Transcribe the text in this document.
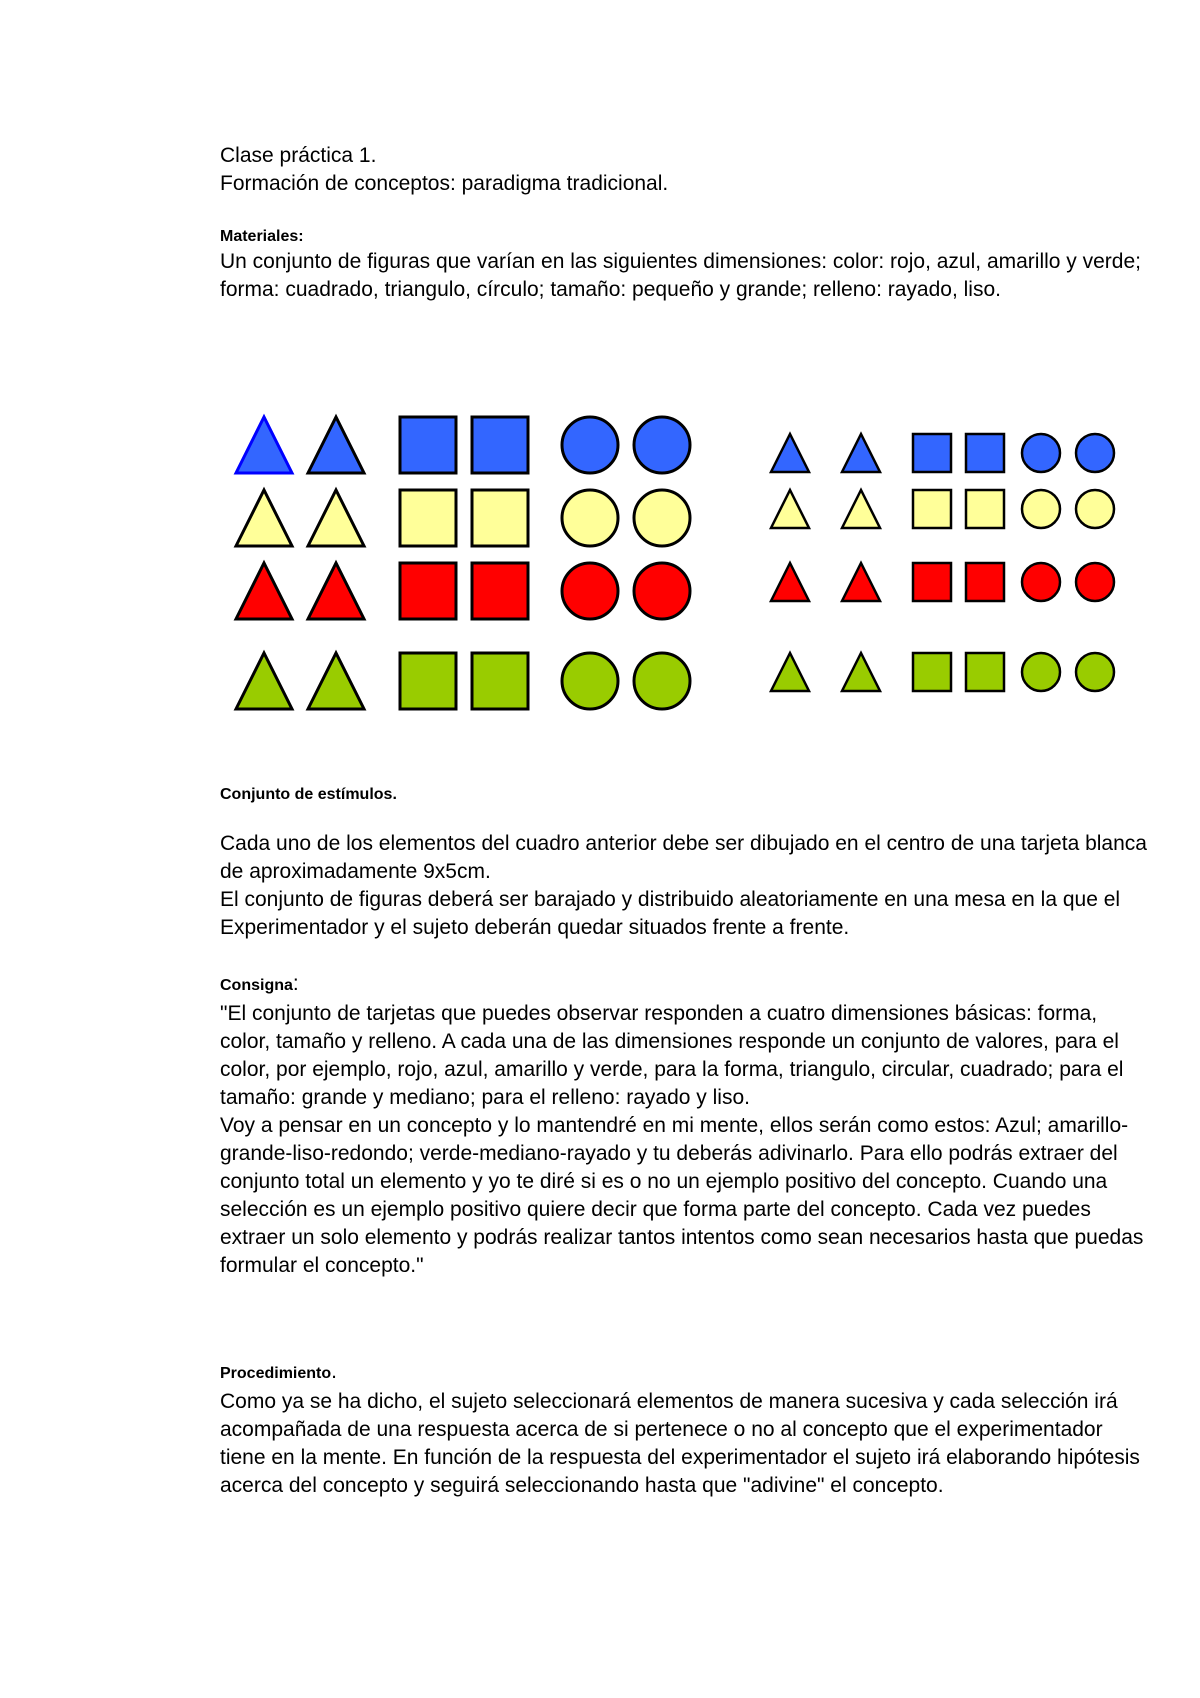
Clase práctica 1.

Formación de conceptos: paradigma tradicional.

Materiales:

Un conjunto de figuras que varían en las siguientes dimensiones: color: rojo, azul, amarillo y verde; forma: cuadrado, triangulo, círculo; tamaño: pequeño y grande; relleno: rayado, liso.

Conjunto de estímulos.

Cada uno de los elementos del cuadro anterior debe ser dibujado en el centro de una tarjeta blanca de aproximadamente 9x5cm.

El conjunto de figuras deberá ser barajado y distribuido aleatoriamente en una mesa en la que el Experimentador y el sujeto deberán quedar situados frente a frente.

Consigna:

"El conjunto de tarjetas que puedes observar responden a cuatro dimensiones básicas: forma, color, tamaño y relleno. A cada una de las dimensiones responde un conjunto de valores, para el color, por ejemplo, rojo, azul, amarillo y verde, para la forma, triangulo, circular, cuadrado; para el tamaño: grande y mediano; para el relleno: rayado y liso.

Voy a pensar en un concepto y lo mantendré en mi mente, ellos serán como estos: Azul; amarillo-grande-liso-redondo; verde-mediano-rayado y tu deberás adivinarlo. Para ello podrás extraer del conjunto total un elemento y yo te diré si es o no un ejemplo positivo del concepto. Cuando una selección es un ejemplo positivo quiere decir que forma parte del concepto. Cada vez puedes extraer un solo elemento y podrás realizar tantos intentos como sean necesarios hasta que puedas formular el concepto."

Procedimiento.

Como ya se ha dicho, el sujeto seleccionará elementos de manera sucesiva y cada selección irá acompañada de una respuesta acerca de si pertenece o no al concepto que el experimentador tiene en la mente. En función de la respuesta del experimentador el sujeto irá elaborando hipótesis acerca del concepto y seguirá seleccionando hasta que "adivine" el concepto.
